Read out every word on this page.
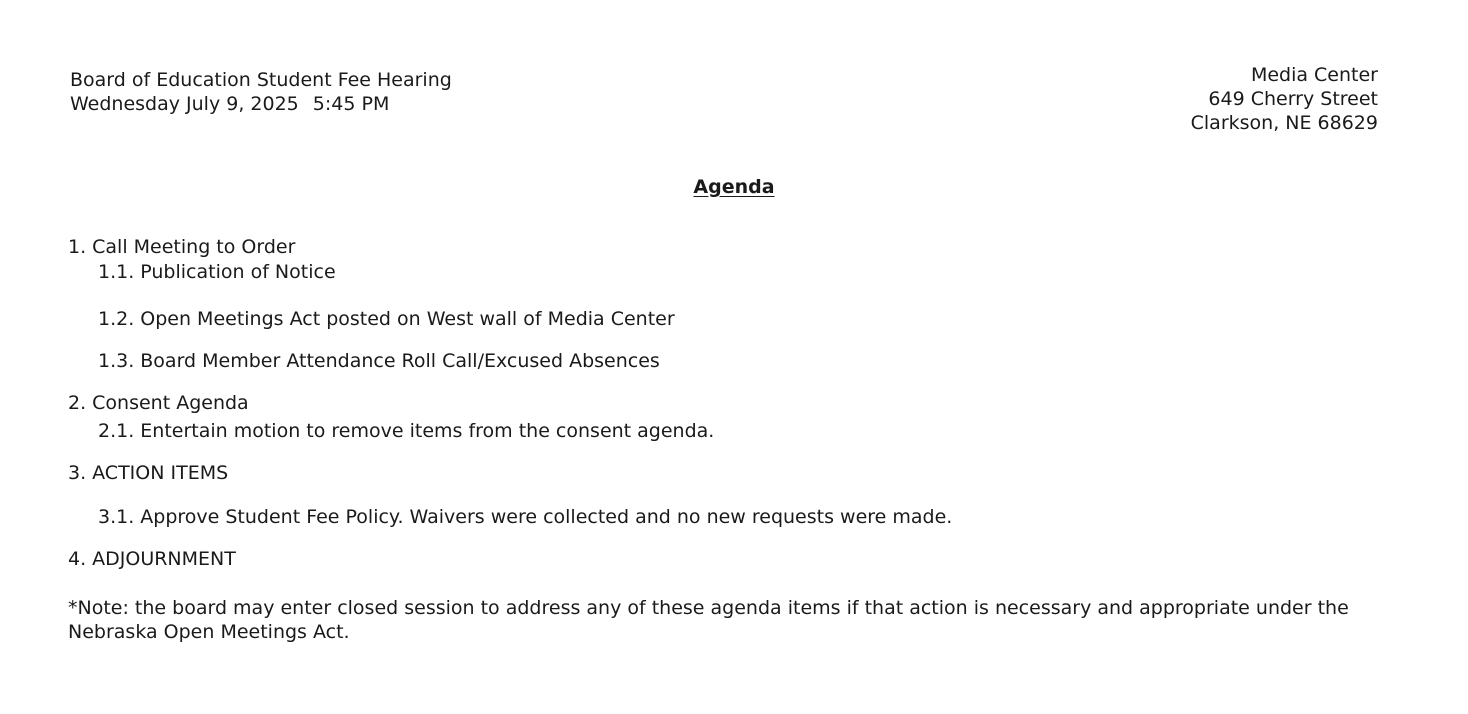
Board of Education Student Fee Hearing
Wednesday July 9, 2025 5:45 PM
Media Center
649 Cherry Street
Clarkson, NE 68629
Agenda
1. Call Meeting to Order
1.1. Publication of Notice
1.2. Open Meetings Act posted on West wall of Media Center
1.3. Board Member Attendance Roll Call/Excused Absences
2. Consent Agenda
2.1. Entertain motion to remove items from the consent agenda.
3. ACTION ITEMS
3.1. Approve Student Fee Policy. Waivers were collected and no new requests were made.
4. ADJOURNMENT
*Note: the board may enter closed session to address any of these agenda items if that action is necessary and appropriate under the Nebraska Open Meetings Act.
